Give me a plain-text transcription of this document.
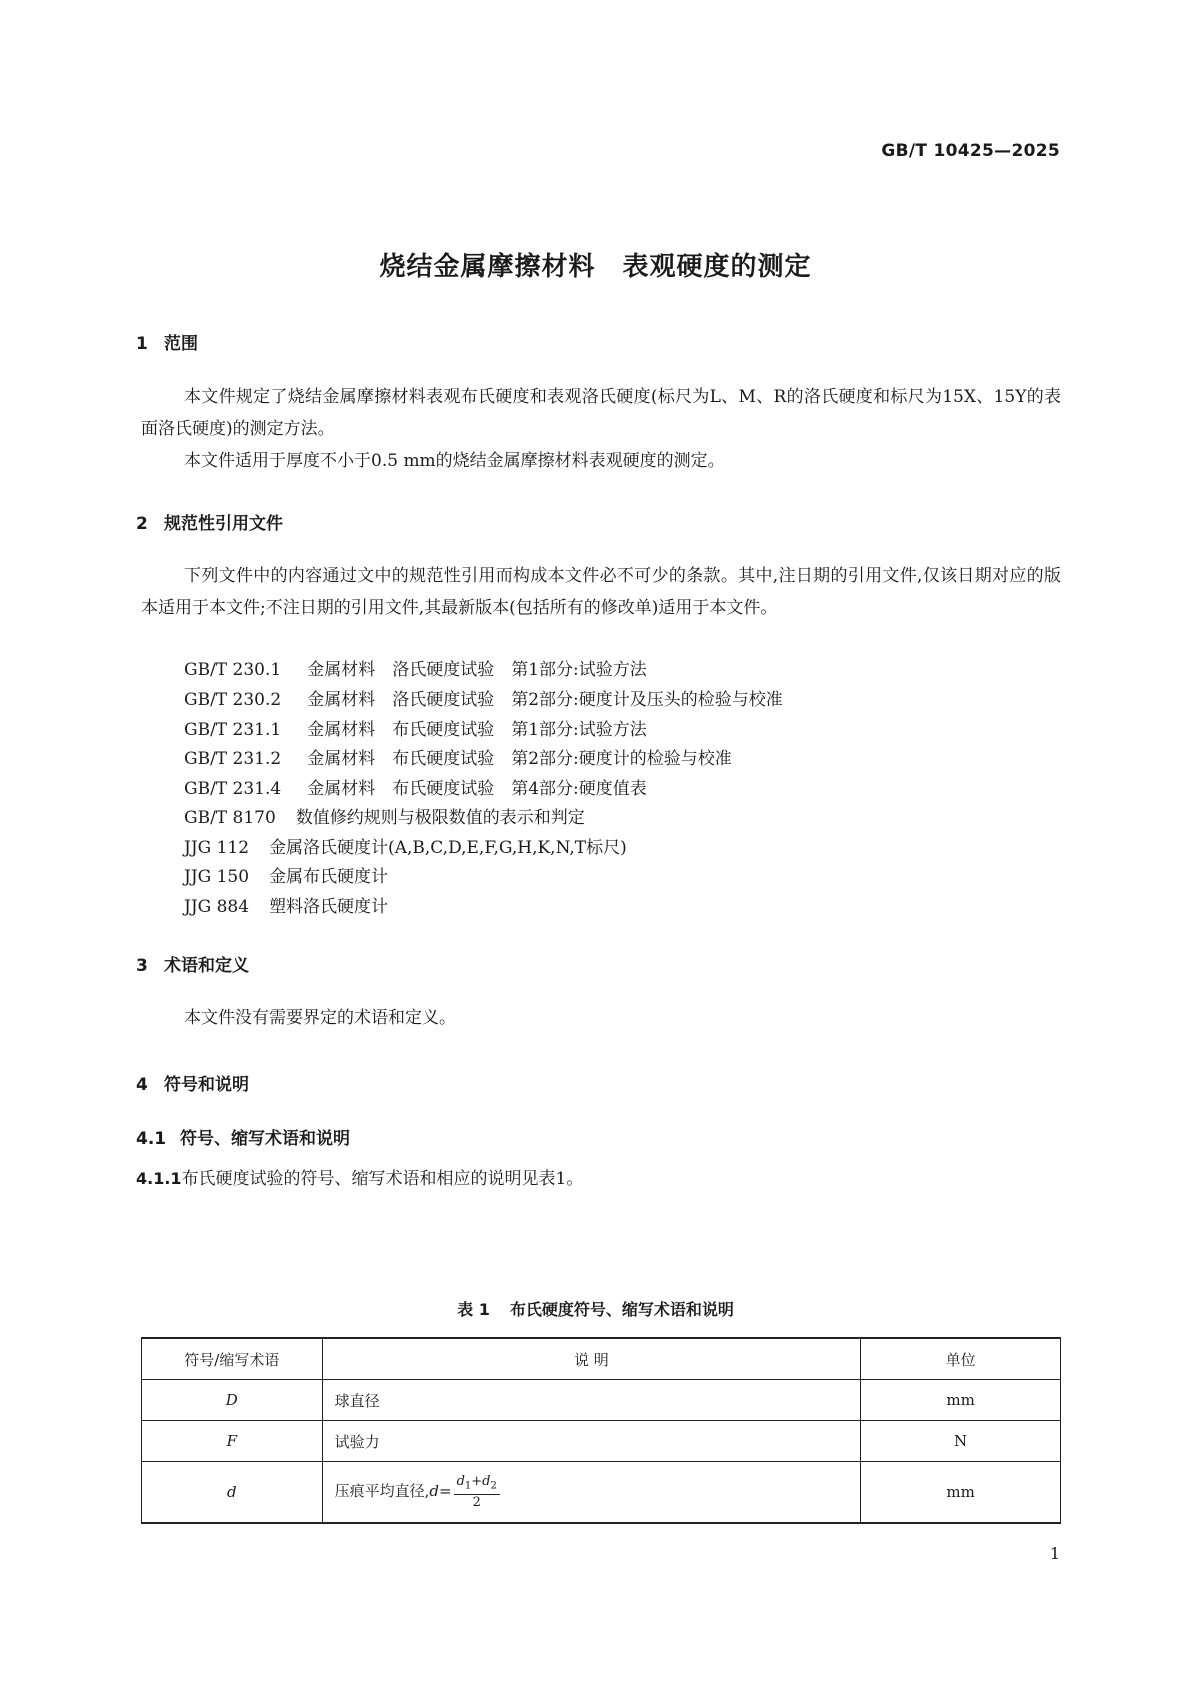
GB/T 10425—2025
烧结金属摩擦材料　表观硬度的测定
1 范围

本文件规定了烧结金属摩擦材料表观布氏硬度和表观洛氏硬度(标尺为L、M、R的洛氏硬度和标尺为15X、15Y的表面洛氏硬度)的测定方法。

本文件适用于厚度不小于0.5 mm的烧结金属摩擦材料表观硬度的测定。

2 规范性引用文件

下列文件中的内容通过文中的规范性引用而构成本文件必不可少的条款。其中,注日期的引用文件,仅该日期对应的版本适用于本文件;不注日期的引用文件,其最新版本(包括所有的修改单)适用于本文件。

GB/T 230.1 金属材料　洛氏硬度试验　第1部分:试验方法
GB/T 230.2 金属材料　洛氏硬度试验　第2部分:硬度计及压头的检验与校准
GB/T 231.1 金属材料　布氏硬度试验　第1部分:试验方法
GB/T 231.2 金属材料　布氏硬度试验　第2部分:硬度计的检验与校准
GB/T 231.4 金属材料　布氏硬度试验　第4部分:硬度值表
GB/T 8170 数值修约规则与极限数值的表示和判定
JJG 112 金属洛氏硬度计(A,B,C,D,E,F,G,H,K,N,T标尺)
JJG 150 金属布氏硬度计
JJG 884 塑料洛氏硬度计
3 术语和定义

本文件没有需要界定的术语和定义。

4 符号和说明
4.1 符号、缩写术语和说明
4.1.1布氏硬度试验的符号、缩写术语和相应的说明见表1。
表 1 布氏硬度符号、缩写术语和说明
符号/缩写术语	说 明	单位
D	球直径	mm
F	试验力	N
d	压痕平均直径$,d= \frac{d_1+d_2}{2}$	mm
1
